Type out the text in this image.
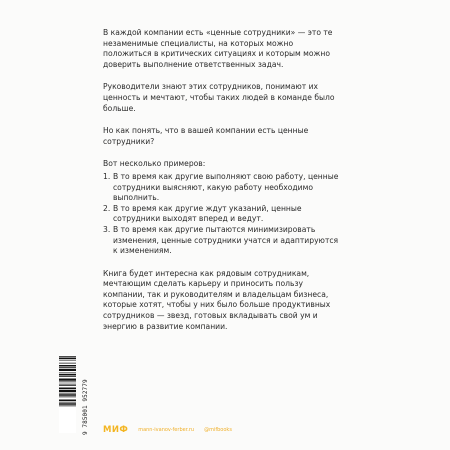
В каждой компании есть «ценные сотрудники» — это те незаменимые специалисты, на которых можно положиться в критических ситуациях и которым можно доверить выполнение ответственных задач.

Руководители знают этих сотрудников, понимают их ценность и мечтают, чтобы таких людей в команде было больше.

Но как понять, что в вашей компании есть ценные сотрудники?

Вот несколько примеров:

1. В то время как другие выполняют свою работу, ценные сотрудники выясняют, какую работу необходимо выполнить.
2. В то время как другие ждут указаний, ценные сотрудники выходят вперед и ведут.
3. В то время как другие пытаются минимизировать изменения, ценные сотрудники учатся и адаптируются к изменениям.

Книга будет интересна как рядовым сотрудникам, мечтающим сделать карьеру и приносить пользу компании, так и руководителям и владельцам бизнеса, которые хотят, чтобы у них было больше продуктивных сотрудников — звезд, готовых вкладывать свой ум и энергию в развитие компании.

9 785001 952779 МИФ mann-ivanov-ferber.ru @mifbooks
